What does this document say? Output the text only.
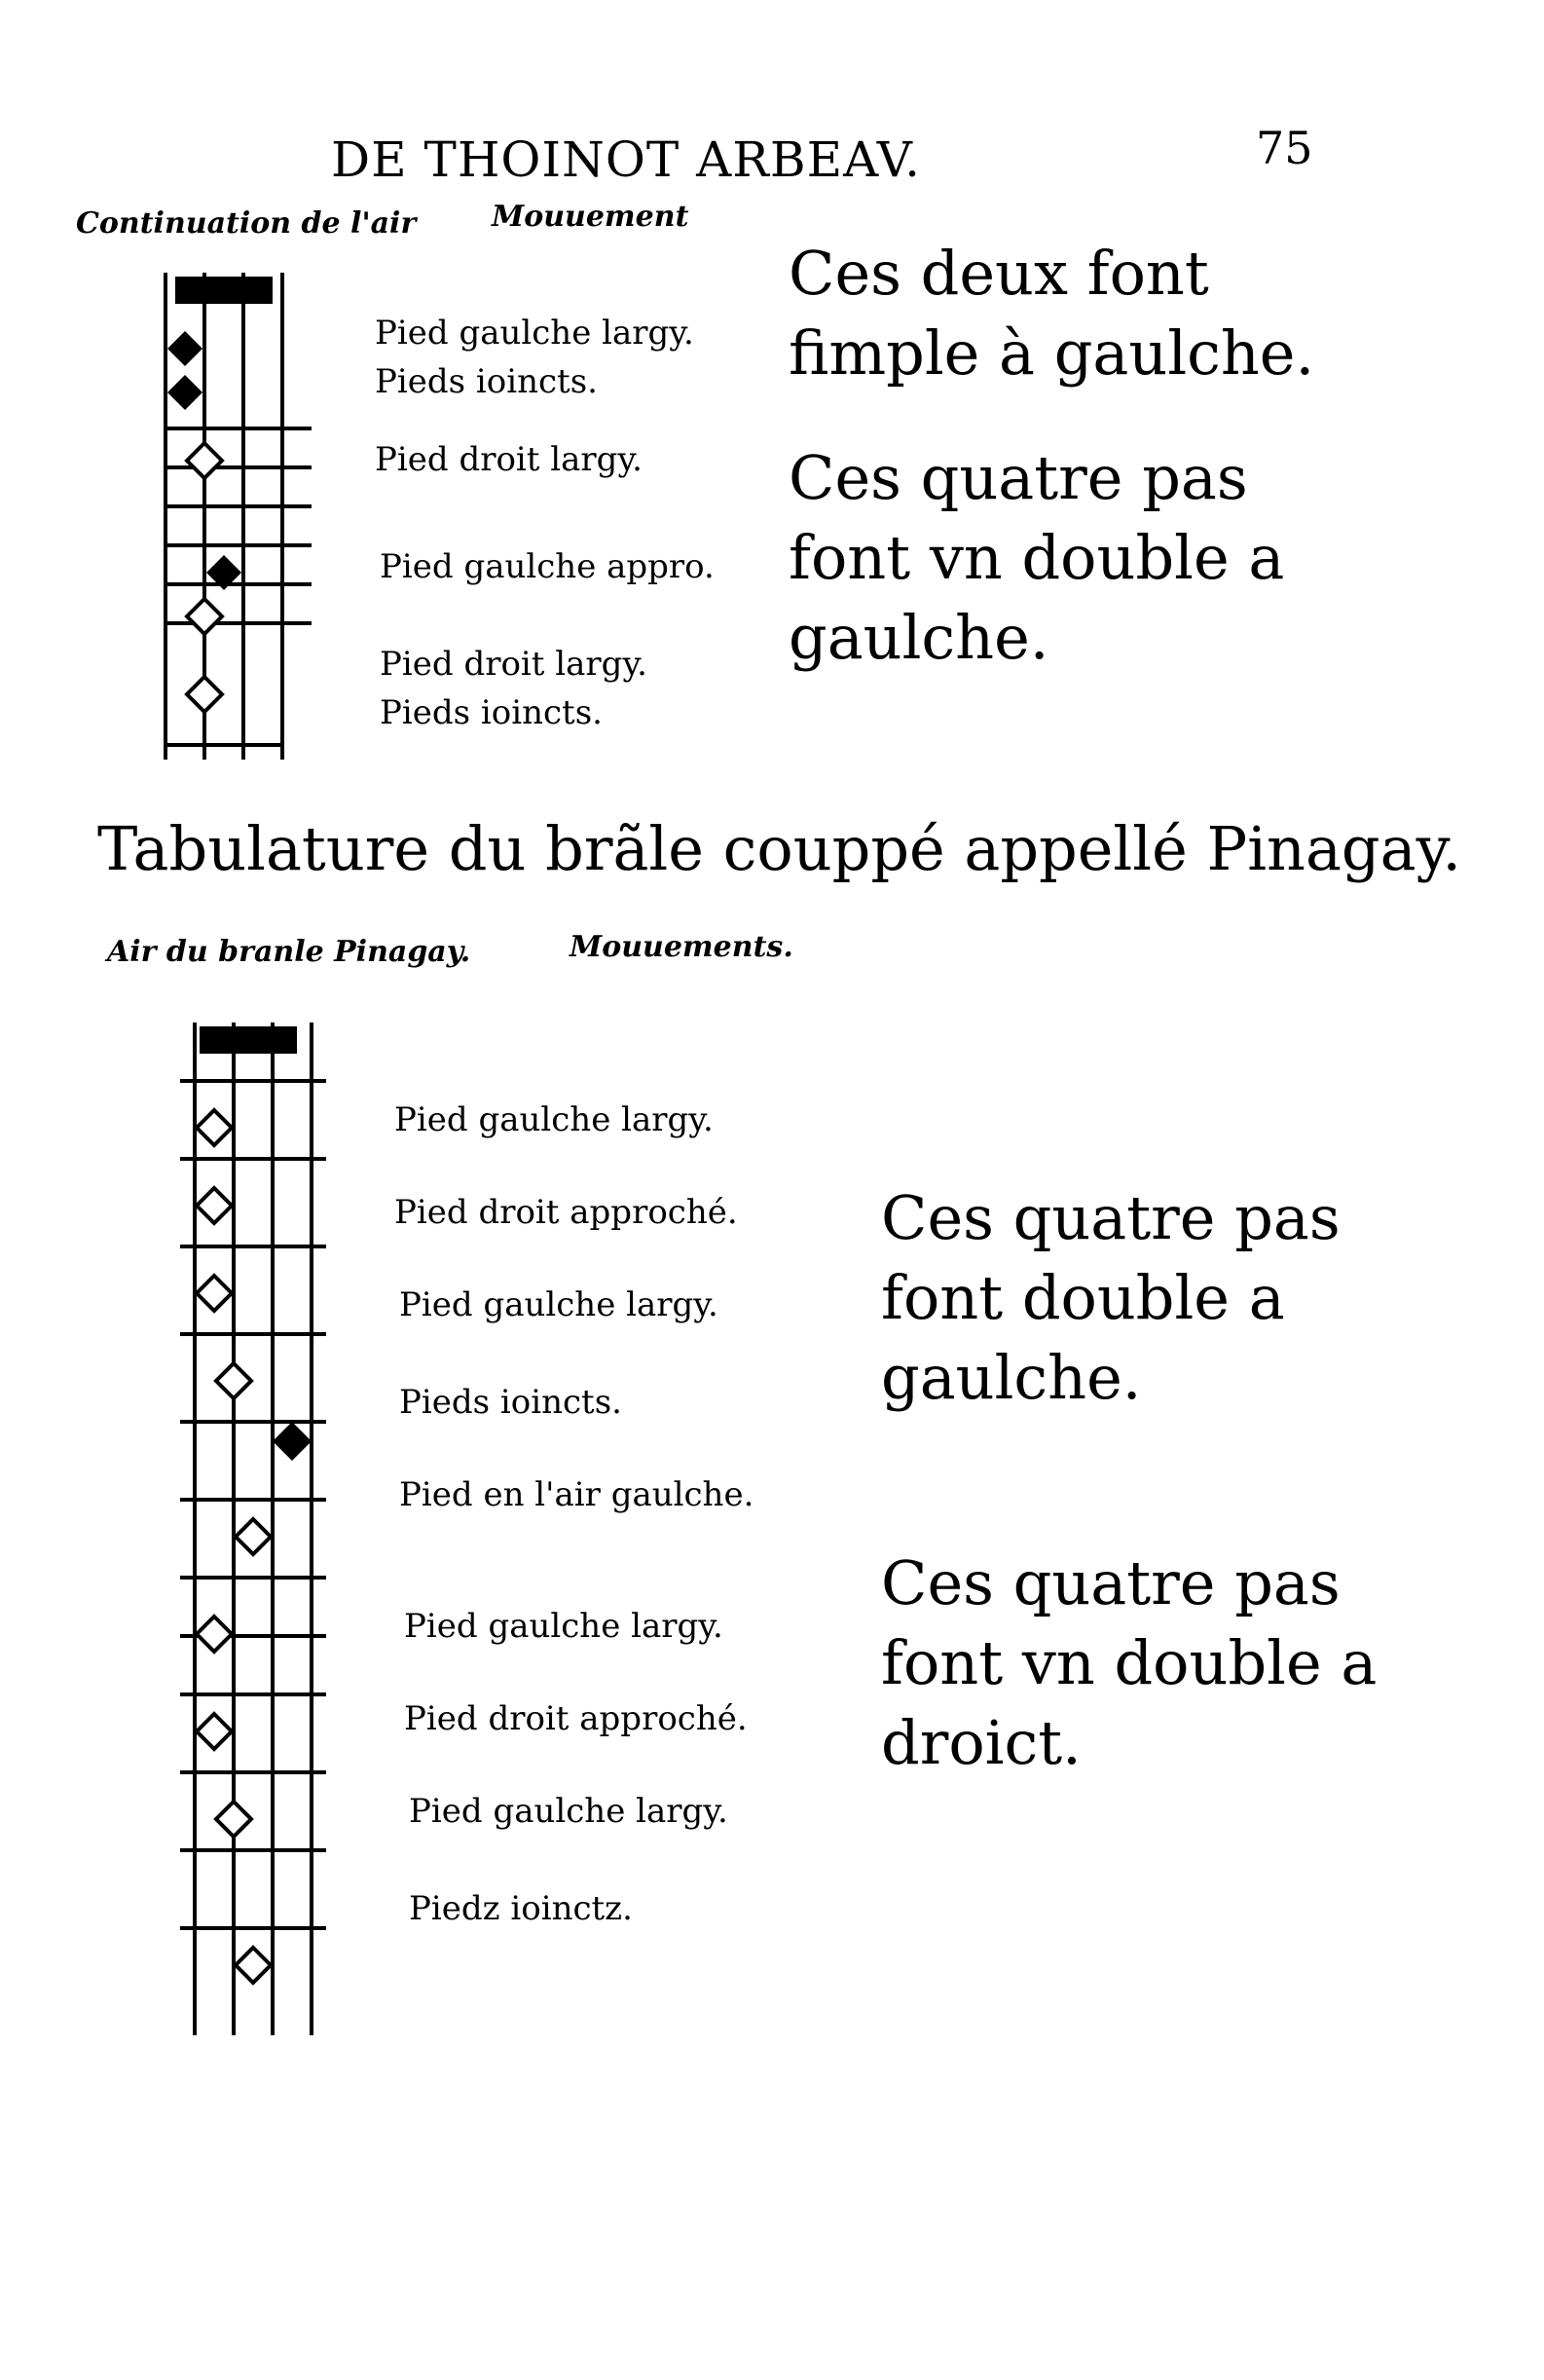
DE THOINOT ARBEAV.	75
Continuation de l'air	Mouuement
Pied gaulche largy.
Pieds ioincts.
Pied droit largy.
Pied gaulche appro.
Pied droit largy.
Pieds ioincts.
Ces deux font fimple à gaulche.
Ces quatre pas font vn double a gaulche.
Tabulature du brãle couppé appellé Pinagay.
Air du branle Pinagay.	Mouuements.
Pied gaulche largy.
Pied droit approché.
Pied gaulche largy.
Pieds ioincts.
Pied en l'air gaulche.
Pied gaulche largy.
Pied droit approché.
Pied gaulche largy.
Piedz ioinctz.
Ces quatre pas font double a gaulche.
Ces quatre pas font vn double a droict.
